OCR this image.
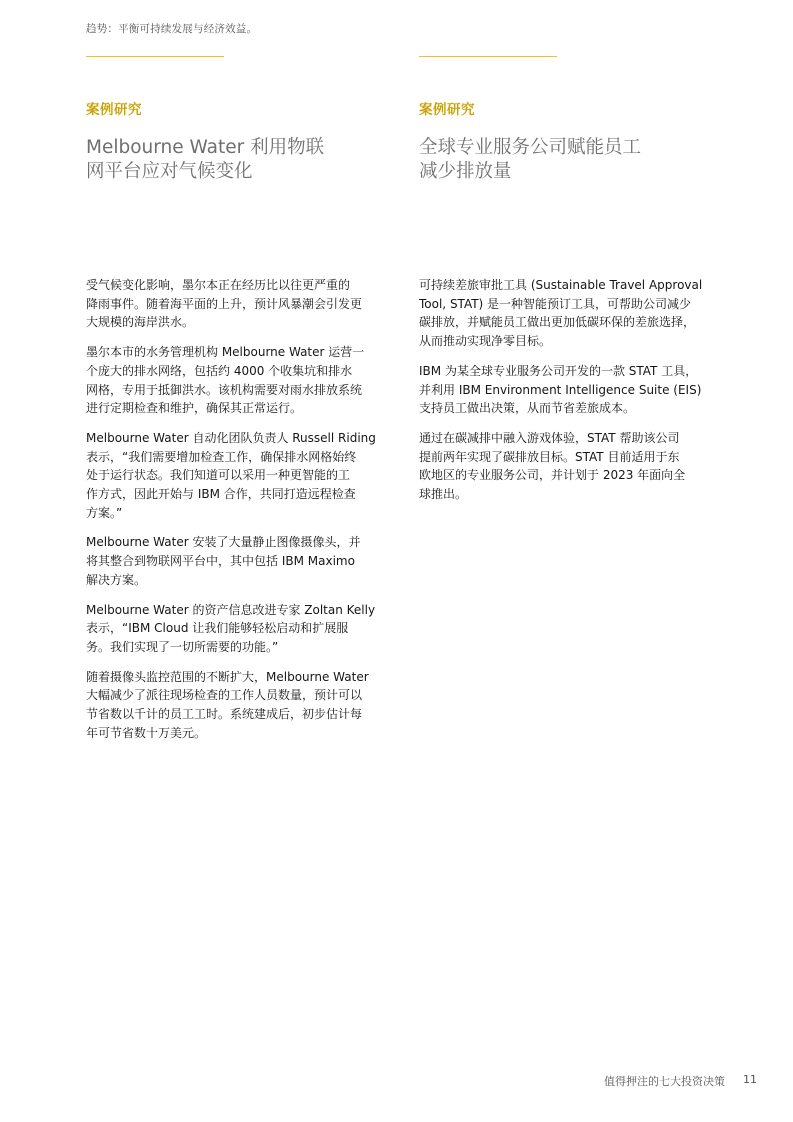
趋势：平衡可持续发展与经济效益。
案例研究
Melbourne Water 利用物联
网平台应对气候变化

受气候变化影响，墨尔本正在经历比以往更严重的
降雨事件。随着海平面的上升，预计风暴潮会引发更
大规模的海岸洪水。

墨尔本市的水务管理机构 Melbourne Water 运营一
个庞大的排水网络，包括约 4000 个收集坑和排水
网格，专用于抵御洪水。该机构需要对雨水排放系统
进行定期检查和维护，确保其正常运行。

Melbourne Water 自动化团队负责人 Russell Riding
表示，“我们需要增加检查工作，确保排水网格始终
处于运行状态。我们知道可以采用一种更智能的工
作方式，因此开始与 IBM 合作，共同打造远程检查
方案。”

Melbourne Water 安装了大量静止图像摄像头，并
将其整合到物联网平台中，其中包括 IBM Maximo
解决方案。

Melbourne Water 的资产信息改进专家 Zoltan Kelly
表示，“IBM Cloud 让我们能够轻松启动和扩展服
务。我们实现了一切所需要的功能。”

随着摄像头监控范围的不断扩大，Melbourne Water
大幅减少了派往现场检查的工作人员数量，预计可以
节省数以千计的员工工时。系统建成后，初步估计每
年可节省数十万美元。

案例研究
全球专业服务公司赋能员工
减少排放量

可持续差旅审批工具 (Sustainable Travel Approval
Tool, STAT) 是一种智能预订工具，可帮助公司减少
碳排放，并赋能员工做出更加低碳环保的差旅选择，
从而推动实现净零目标。

IBM 为某全球专业服务公司开发的一款 STAT 工具，
并利用 IBM Environment Intelligence Suite (EIS)
支持员工做出决策，从而节省差旅成本。

通过在碳减排中融入游戏体验，STAT 帮助该公司
提前两年实现了碳排放目标。STAT 目前适用于东
欧地区的专业服务公司，并计划于 2023 年面向全
球推出。

值得押注的七大投资决策 11
